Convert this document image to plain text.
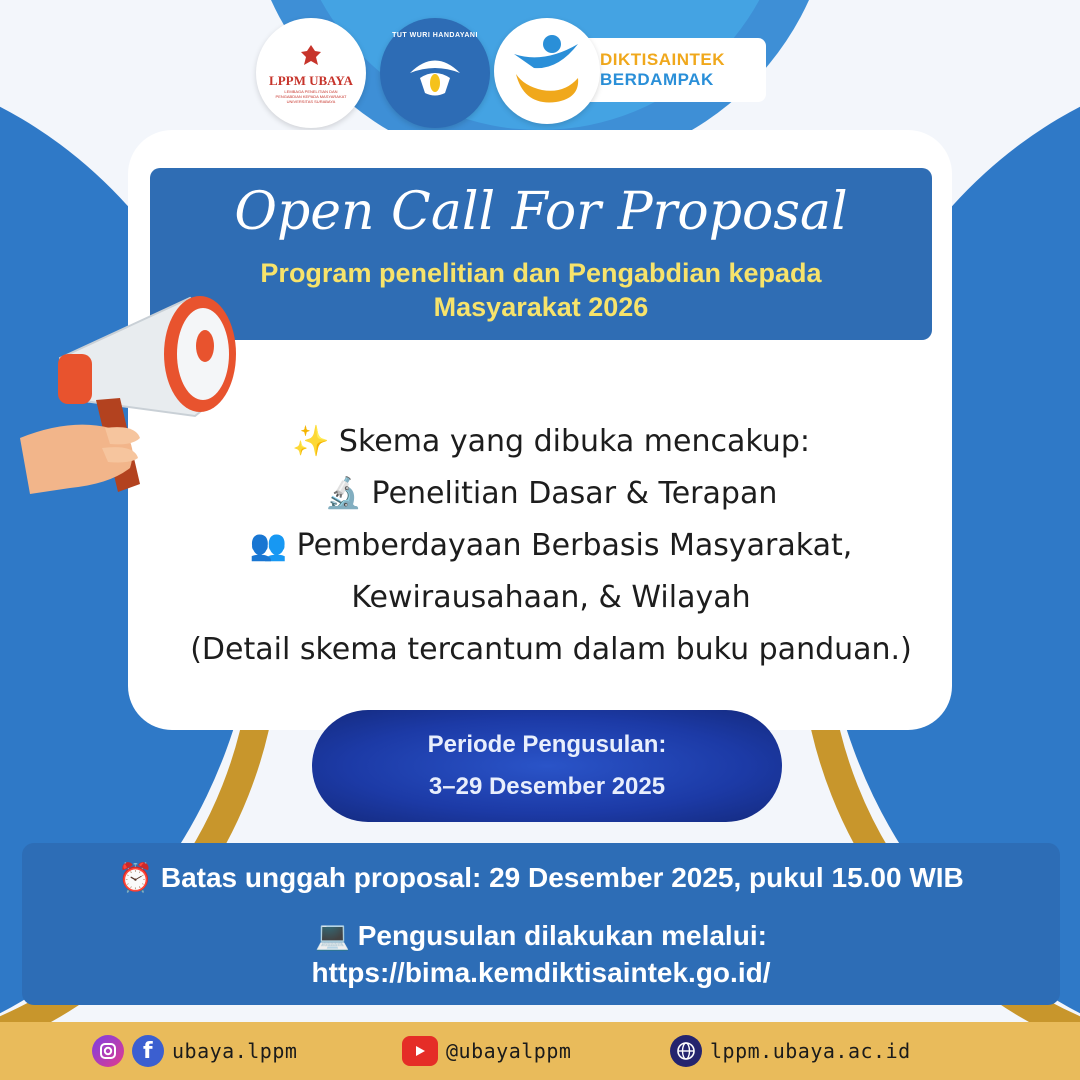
LPPM UBAYA
LEMBAGA PENELITIAN DAN PENGABDIAN KEPADA MASYARAKAT UNIVERSITAS SURABAYA
TUT WURI HANDAYANI
DIKTISAINTEK
BERDAMPAK
Open Call For Proposal
Program penelitian dan Pengabdian kepada Masyarakat 2026
✨ Skema yang dibuka mencakup:
🔬 Penelitian Dasar & Terapan
👥 Pemberdayaan Berbasis Masyarakat,
Kewirausahaan, & Wilayah
(Detail skema tercantum dalam buku panduan.)
Periode Pengusulan:
3–29 Desember 2025
⏰ Batas unggah proposal: 29 Desember 2025, pukul 15.00 WIB
💻 Pengusulan dilakukan melalui:
https://bima.kemdiktisaintek.go.id/
f ubaya.lppm	@ubayalppm	lppm.ubaya.ac.id
